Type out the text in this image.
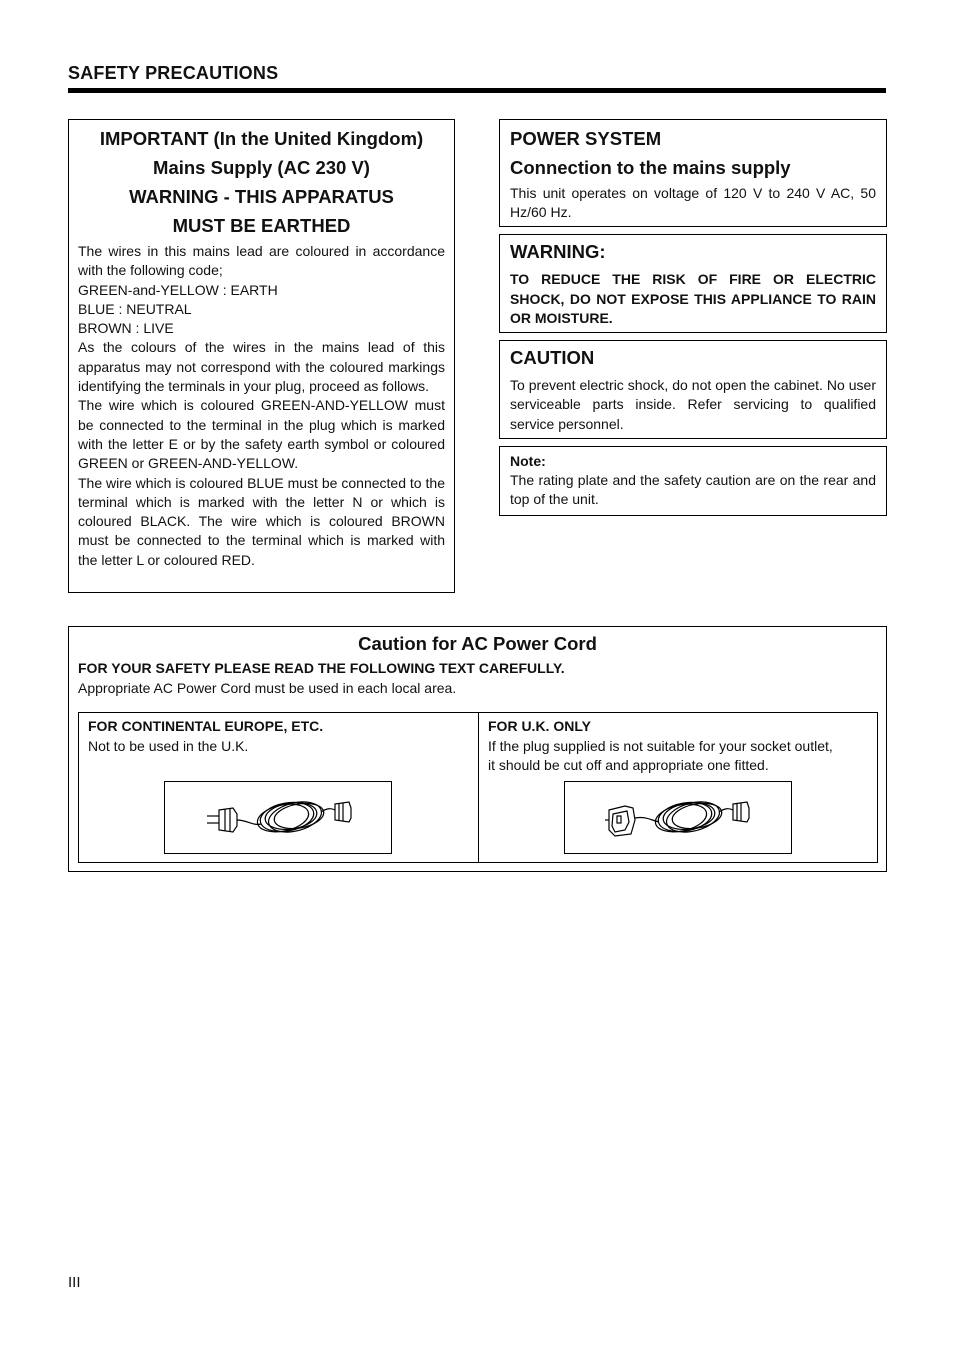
SAFETY PRECAUTIONS
IMPORTANT (In the United Kingdom)
Mains Supply (AC 230 V)
WARNING - THIS APPARATUS
MUST BE EARTHED
The wires in this mains lead are coloured in accordance with the following code;
GREEN-and-YELLOW : EARTH
BLUE : NEUTRAL
BROWN : LIVE
As the colours of the wires in the mains lead of this apparatus may not correspond with the coloured markings identifying the terminals in your plug, proceed as follows.
The wire which is coloured GREEN-AND-YELLOW must be connected to the terminal in the plug which is marked with the letter E or by the safety earth symbol or coloured GREEN or GREEN-AND-YELLOW.
The wire which is coloured BLUE must be connected to the terminal which is marked with the letter N or which is coloured BLACK. The wire which is coloured BROWN must be connected to the terminal which is marked with the letter L or coloured RED.
POWER SYSTEM
Connection to the mains supply
This unit operates on voltage of 120 V to 240 V AC, 50 Hz/60 Hz.
WARNING:
TO REDUCE THE RISK OF FIRE OR ELECTRIC SHOCK, DO NOT EXPOSE THIS APPLIANCE TO RAIN OR MOISTURE.
CAUTION
To prevent electric shock, do not open the cabinet. No user serviceable parts inside. Refer servicing to qualified service personnel.
Note:
The rating plate and the safety caution are on the rear and top of the unit.
Caution for AC Power Cord
FOR YOUR SAFETY PLEASE READ THE FOLLOWING TEXT CAREFULLY.
Appropriate AC Power Cord must be used in each local area.
FOR CONTINENTAL EUROPE, ETC.
Not to be used in the U.K.
FOR U.K. ONLY
If the plug supplied is not suitable for your socket outlet,
it should be cut off and appropriate one fitted.
III
